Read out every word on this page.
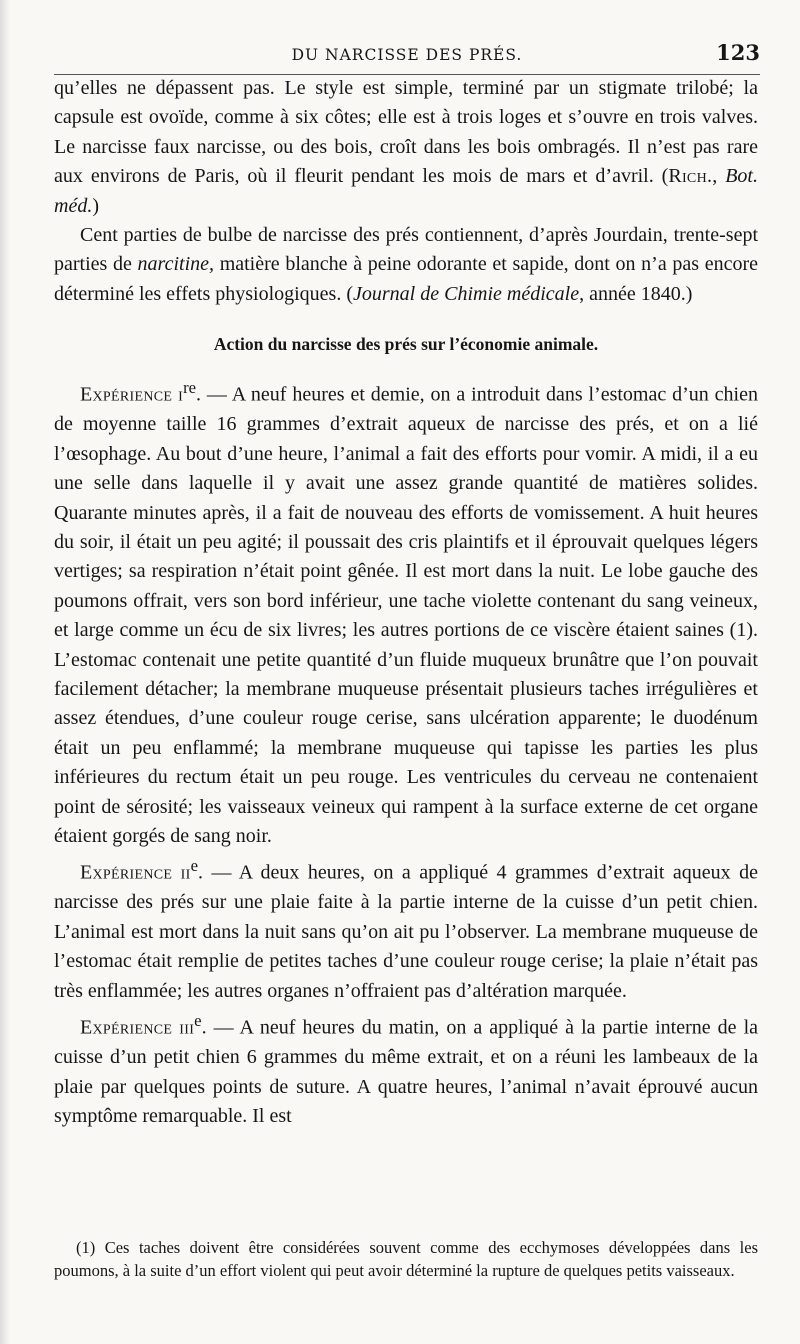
DU NARCISSE DES PRÉS.	123

qu’elles ne dépassent pas. Le style est simple, terminé par un stigmate trilobé; la capsule est ovoïde, comme à six côtes; elle est à trois loges et s’ouvre en trois valves. Le narcisse faux narcisse, ou des bois, croît dans les bois ombragés. Il n’est pas rare aux environs de Paris, où il fleurit pendant les mois de mars et d’avril. (Rich., Bot. méd.)

Cent parties de bulbe de narcisse des prés contiennent, d’après Jourdain, trente-sept parties de narcitine, matière blanche à peine odorante et sapide, dont on n’a pas encore déterminé les effets physiologiques. (Journal de Chimie médicale, année 1840.)

Action du narcisse des prés sur l’économie animale.

Expérience $i^{re}$. — A neuf heures et demie, on a introduit dans l’estomac d’un chien de moyenne taille 16 grammes d’extrait aqueux de narcisse des prés, et on a lié l’œsophage. Au bout d’une heure, l’animal a fait des efforts pour vomir. A midi, il a eu une selle dans laquelle il y avait une assez grande quantité de matières solides. Quarante minutes après, il a fait de nouveau des efforts de vomissement. A huit heures du soir, il était un peu agité; il poussait des cris plaintifs et il éprouvait quelques légers vertiges; sa respiration n’était point gênée. Il est mort dans la nuit. Le lobe gauche des poumons offrait, vers son bord inférieur, une tache violette contenant du sang veineux, et large comme un écu de six livres; les autres portions de ce viscère étaient saines (1). L’estomac contenait une petite quantité d’un fluide muqueux brunâtre que l’on pouvait facilement détacher; la membrane muqueuse présentait plusieurs taches irrégulières et assez étendues, d’une couleur rouge cerise, sans ulcération apparente; le duodénum était un peu enflammé; la membrane muqueuse qui tapisse les parties les plus inférieures du rectum était un peu rouge. Les ventricules du cerveau ne contenaient point de sérosité; les vaisseaux veineux qui rampent à la surface externe de cet organe étaient gorgés de sang noir.

Expérience $ii^e$. — A deux heures, on a appliqué 4 grammes d’extrait aqueux de narcisse des prés sur une plaie faite à la partie interne de la cuisse d’un petit chien. L’animal est mort dans la nuit sans qu’on ait pu l’observer. La membrane muqueuse de l’estomac était remplie de petites taches d’une couleur rouge cerise; la plaie n’était pas très enflammée; les autres organes n’offraient pas d’altération marquée.

Expérience iii$^e$. — A neuf heures du matin, on a appliqué à la partie interne de la cuisse d’un petit chien 6 grammes du même extrait, et on a réuni les lambeaux de la plaie par quelques points de suture. A quatre heures, l’animal n’avait éprouvé aucun symptôme remarquable. Il est

(1) Ces taches doivent être considérées souvent comme des ecchymoses développées dans les poumons, à la suite d’un effort violent qui peut avoir déterminé la rupture de quelques petits vaisseaux.
